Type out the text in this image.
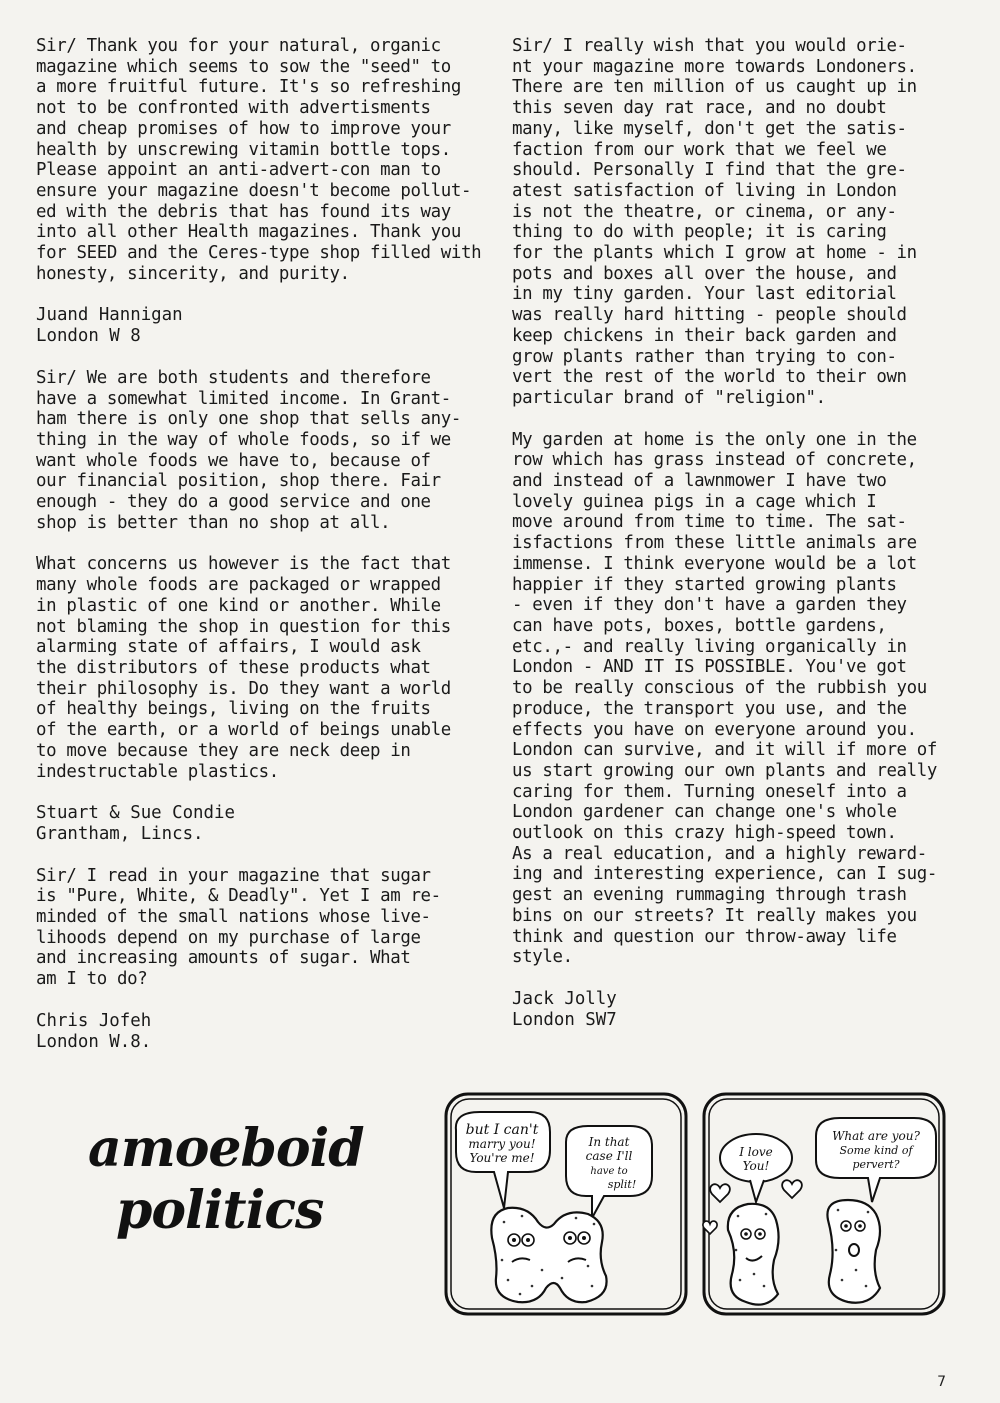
Sir/ Thank you for your natural, organic
magazine which seems to sow the "seed" to
a more fruitful future. It's so refreshing
not to be confronted with advertisments
and cheap promises of how to improve your
health by unscrewing vitamin bottle tops.
Please appoint an anti-advert-con man to
ensure your magazine doesn't become pollut-
ed with the debris that has found its way
into all other Health magazines. Thank you
for SEED and the Ceres-type shop filled with
honesty, sincerity, and purity.
Juand Hannigan
London W 8
Sir/ We are both students and therefore
have a somewhat limited income. In Grant-
ham there is only one shop that sells any-
thing in the way of whole foods, so if we
want whole foods we have to, because of
our financial position, shop there. Fair
enough - they do a good service and one
shop is better than no shop at all.
What concerns us however is the fact that
many whole foods are packaged or wrapped
in plastic of one kind or another. While
not blaming the shop in question for this
alarming state of affairs, I would ask
the distributors of these products what
their philosophy is. Do they want a world
of healthy beings, living on the fruits
of the earth, or a world of beings unable
to move because they are neck deep in
indestructable plastics.
Stuart & Sue Condie
Grantham, Lincs.
Sir/ I read in your magazine that sugar
is "Pure, White, & Deadly". Yet I am re-
minded of the small nations whose live-
lihoods depend on my purchase of large
and increasing amounts of sugar. What
am I to do?
Chris Jofeh
London W.8.
Sir/ I really wish that you would orie-
nt your magazine more towards Londoners.
There are ten million of us caught up in
this seven day rat race, and no doubt
many, like myself, don't get the satis-
faction from our work that we feel we
should. Personally I find that the gre-
atest satisfaction of living in London
is not the theatre, or cinema, or any-
thing to do with people; it is caring
for the plants which I grow at home - in
pots and boxes all over the house, and
in my tiny garden. Your last editorial
was really hard hitting - people should
keep chickens in their back garden and
grow plants rather than trying to con-
vert the rest of the world to their own
particular brand of "religion".
My garden at home is the only one in the
row which has grass instead of concrete,
and instead of a lawnmower I have two
lovely guinea pigs in a cage which I
move around from time to time. The sat-
isfactions from these little animals are
immense. I think everyone would be a lot
happier if they started growing plants
- even if they don't have a garden they
can have pots, boxes, bottle gardens,
etc.,- and really living organically in
London - AND IT IS POSSIBLE. You've got
to be really conscious of the rubbish you
produce, the transport you use, and the
effects you have on everyone around you.
London can survive, and it will if more of
us start growing our own plants and really
caring for them. Turning oneself into a
London gardener can change one's whole
outlook on this crazy high-speed town.
As a real education, and a highly reward-
ing and interesting experience, can I sug-
gest an evening rummaging through trash
bins on our streets? It really makes you
think and question our throw-away life
style.
Jack Jolly
London SW7
amoeboid
politics
but I can't
marry you!
You're me!
In that
case I'll
have to
split!
I love
You!
What are you?
Some kind of
pervert?
7
